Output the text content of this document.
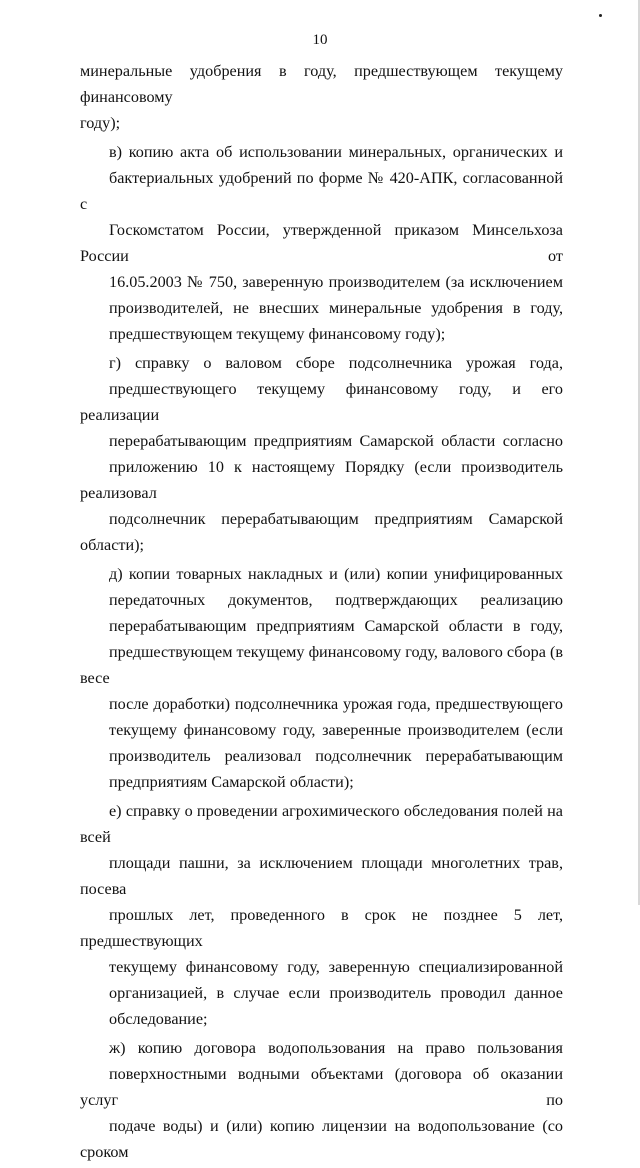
10

минеральные удобрения в году, предшествующем текущему финансовому
году);

в) копию акта об использовании минеральных, органических и
бактериальных удобрений по форме № 420-АПК, согласованной с
Госкомстатом России, утвержденной приказом Минсельхоза России от
16.05.2003 № 750, заверенную производителем (за исключением
производителей, не внесших минеральные удобрения в году,
предшествующем текущему финансовому году);

г) справку о валовом сборе подсолнечника урожая года,
предшествующего текущему финансовому году, и его реализации
перерабатывающим предприятиям Самарской области согласно
приложению 10 к настоящему Порядку (если производитель реализовал
подсолнечник перерабатывающим предприятиям Самарской области);

д) копии товарных накладных и (или) копии унифицированных
передаточных документов, подтверждающих реализацию
перерабатывающим предприятиям Самарской области в году,
предшествующем текущему финансовому году, валового сбора (в весе
после доработки) подсолнечника урожая года, предшествующего
текущему финансовому году, заверенные производителем (если
производитель реализовал подсолнечник перерабатывающим
предприятиям Самарской области);

е) справку о проведении агрохимического обследования полей на всей
площади пашни, за исключением площади многолетних трав, посева
прошлых лет, проведенного в срок не позднее 5 лет, предшествующих
текущему финансовому году, заверенную специализированной
организацией, в случае если производитель проводил данное
обследование;

ж) копию договора водопользования на право пользования
поверхностными водными объектами (договора об оказании услуг по
подаче воды) и (или) копию лицензии на водопользование (со сроком
